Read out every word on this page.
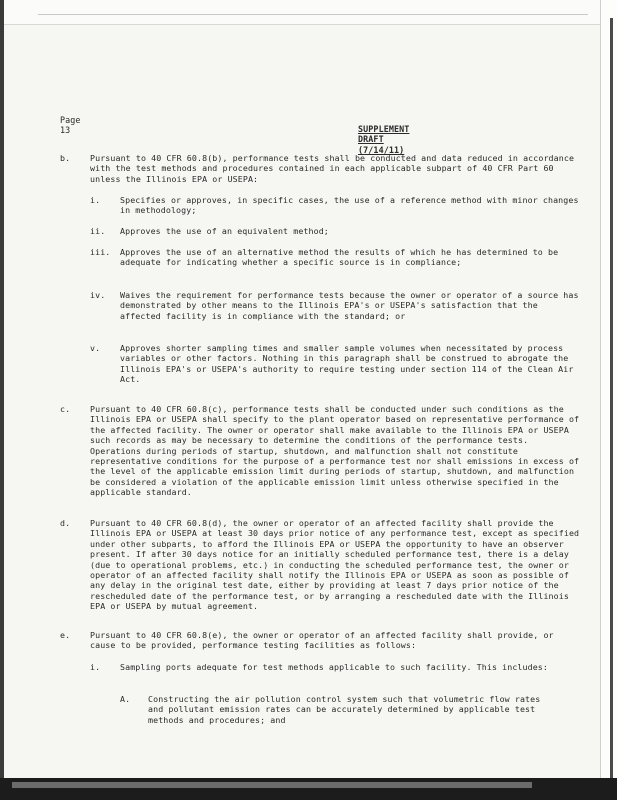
Page 13	SUPPLEMENT DRAFT (7/14/11)
b. Pursuant to 40 CFR 60.8(b), performance tests shall be conducted and data reduced in accordance with the test methods and procedures contained in each applicable subpart of 40 CFR Part 60 unless the Illinois EPA or USEPA:
i. Specifies or approves, in specific cases, the use of a reference method with minor changes in methodology;
ii. Approves the use of an equivalent method;
iii. Approves the use of an alternative method the results of which he has determined to be adequate for indicating whether a specific source is in compliance;
iv. Waives the requirement for performance tests because the owner or operator of a source has demonstrated by other means to the Illinois EPA's or USEPA's satisfaction that the affected facility is in compliance with the standard; or
v. Approves shorter sampling times and smaller sample volumes when necessitated by process variables or other factors. Nothing in this paragraph shall be construed to abrogate the Illinois EPA's or USEPA's authority to require testing under section 114 of the Clean Air Act.
c. Pursuant to 40 CFR 60.8(c), performance tests shall be conducted under such conditions as the Illinois EPA or USEPA shall specify to the plant operator based on representative performance of the affected facility. The owner or operator shall make available to the Illinois EPA or USEPA such records as may be necessary to determine the conditions of the performance tests. Operations during periods of startup, shutdown, and malfunction shall not constitute representative conditions for the purpose of a performance test nor shall emissions in excess of the level of the applicable emission limit during periods of startup, shutdown, and malfunction be considered a violation of the applicable emission limit unless otherwise specified in the applicable standard.
d. Pursuant to 40 CFR 60.8(d), the owner or operator of an affected facility shall provide the Illinois EPA or USEPA at least 30 days prior notice of any performance test, except as specified under other subparts, to afford the Illinois EPA or USEPA the opportunity to have an observer present. If after 30 days notice for an initially scheduled performance test, there is a delay (due to operational problems, etc.) in conducting the scheduled performance test, the owner or operator of an affected facility shall notify the Illinois EPA or USEPA as soon as possible of any delay in the original test date, either by providing at least 7 days prior notice of the rescheduled date of the performance test, or by arranging a rescheduled date with the Illinois EPA or USEPA by mutual agreement.
e. Pursuant to 40 CFR 60.8(e), the owner or operator of an affected facility shall provide, or cause to be provided, performance testing facilities as follows:
i. Sampling ports adequate for test methods applicable to such facility. This includes:
A. Constructing the air pollution control system such that volumetric flow rates and pollutant emission rates can be accurately determined by applicable test methods and procedures; and
